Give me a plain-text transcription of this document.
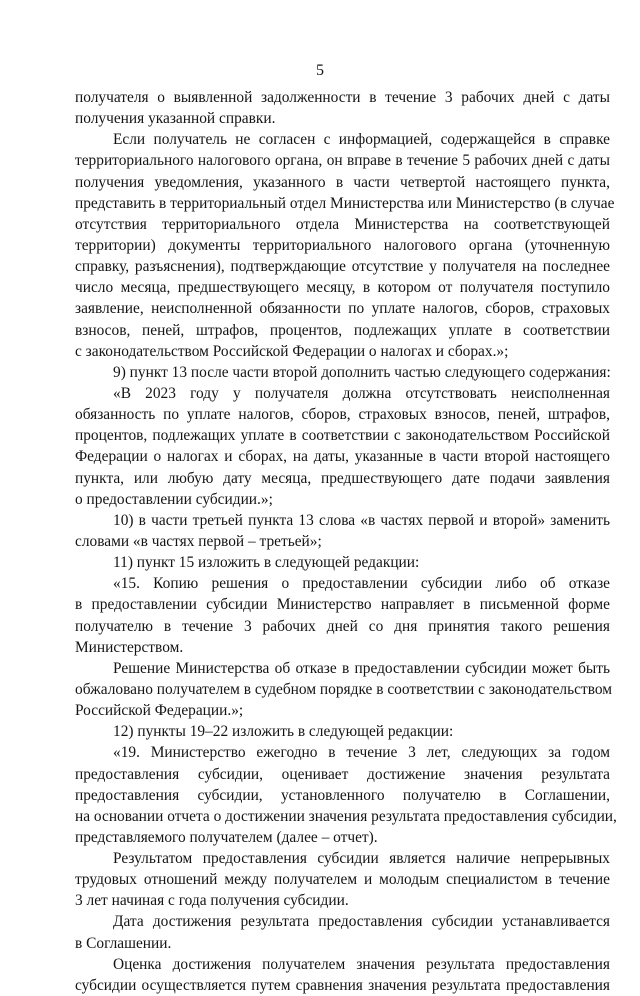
5
получателя о выявленной задолженности в течение 3 рабочих дней с даты
получения указанной справки.
Если получатель не согласен с информацией, содержащейся в справке
территориального налогового органа, он вправе в течение 5 рабочих дней с даты
получения уведомления, указанного в части четвертой настоящего пункта,
представить в территориальный отдел Министерства или Министерство (в случае
отсутствия территориального отдела Министерства на соответствующей
территории) документы территориального налогового органа (уточненную
справку, разъяснения), подтверждающие отсутствие у получателя на последнее
число месяца, предшествующего месяцу, в котором от получателя поступило
заявление, неисполненной обязанности по уплате налогов, сборов, страховых
взносов, пеней, штрафов, процентов, подлежащих уплате в соответствии
с законодательством Российской Федерации о налогах и сборах.»;
9) пункт 13 после части второй дополнить частью следующего содержания:
«В 2023 году у получателя должна отсутствовать неисполненная
обязанность по уплате налогов, сборов, страховых взносов, пеней, штрафов,
процентов, подлежащих уплате в соответствии с законодательством Российской
Федерации о налогах и сборах, на даты, указанные в части второй настоящего
пункта, или любую дату месяца, предшествующего дате подачи заявления
о предоставлении субсидии.»;
10) в части третьей пункта 13 слова «в частях первой и второй» заменить
словами «в частях первой – третьей»;
11) пункт 15 изложить в следующей редакции:
«15. Копию решения о предоставлении субсидии либо об отказе
в предоставлении субсидии Министерство направляет в письменной форме
получателю в течение 3 рабочих дней со дня принятия такого решения
Министерством.
Решение Министерства об отказе в предоставлении субсидии может быть
обжаловано получателем в судебном порядке в соответствии с законодательством
Российской Федерации.»;
12) пункты 19–22 изложить в следующей редакции:
«19. Министерство ежегодно в течение 3 лет, следующих за годом
предоставления субсидии, оценивает достижение значения результата
предоставления субсидии, установленного получателю в Соглашении,
на основании отчета о достижении значения результата предоставления субсидии,
представляемого получателем (далее – отчет).
Результатом предоставления субсидии является наличие непрерывных
трудовых отношений между получателем и молодым специалистом в течение
3 лет начиная с года получения субсидии.
Дата достижения результата предоставления субсидии устанавливается
в Соглашении.
Оценка достижения получателем значения результата предоставления
субсидии осуществляется путем сравнения значения результата предоставления
